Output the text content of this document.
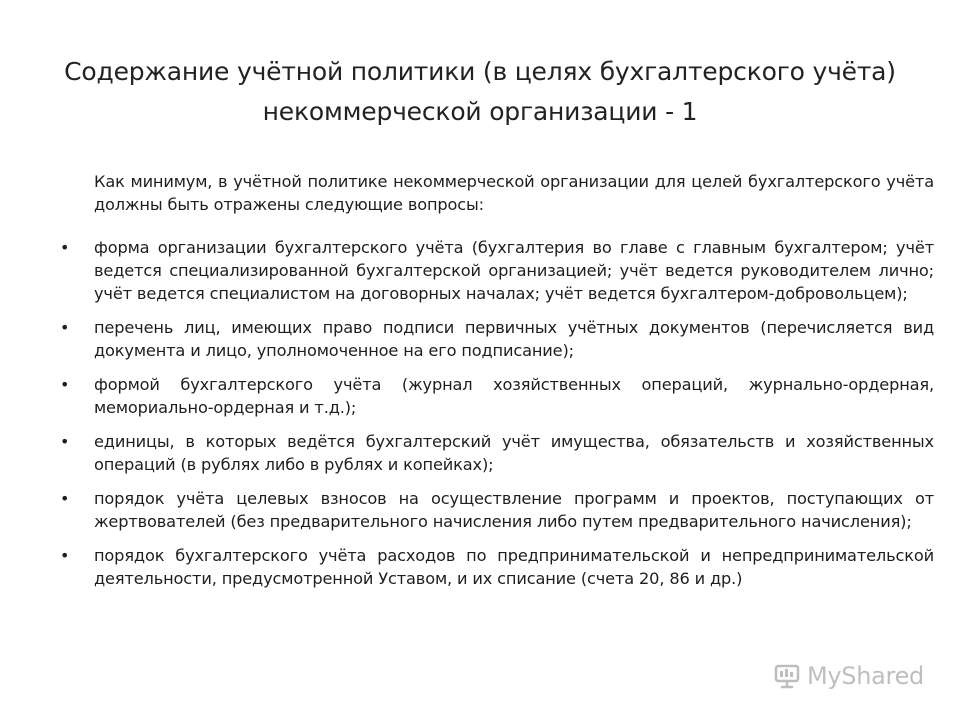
Содержание учётной политики (в целях бухгалтерского учёта) некоммерческой организации - 1

Как минимум, в учётной политике некоммерческой организации для целей бухгалтерского учёта должны быть отражены следующие вопросы:

• форма организации бухгалтерского учёта (бухгалтерия во главе с главным бухгалтером; учёт ведется специализированной бухгалтерской организацией; учёт ведется руководителем лично; учёт ведется специалистом на договорных началах; учёт ведется бухгалтером-добровольцем);
• перечень лиц, имеющих право подписи первичных учётных документов (перечисляется вид документа и лицо, уполномоченное на его подписание);
• формой бухгалтерского учёта (журнал хозяйственных операций, журнально-ордерная, мемориально-ордерная и т.д.);
• единицы, в которых ведётся бухгалтерский учёт имущества, обязательств и хозяйственных операций (в рублях либо в рублях и копейках);
• порядок учёта целевых взносов на осуществление программ и проектов, поступающих от жертвователей (без предварительного начисления либо путем предварительного начисления);
• порядок бухгалтерского учёта расходов по предпринимательской и непредпринимательской деятельности, предусмотренной Уставом, и их списание (счета 20, 86 и др.)
MyShared
